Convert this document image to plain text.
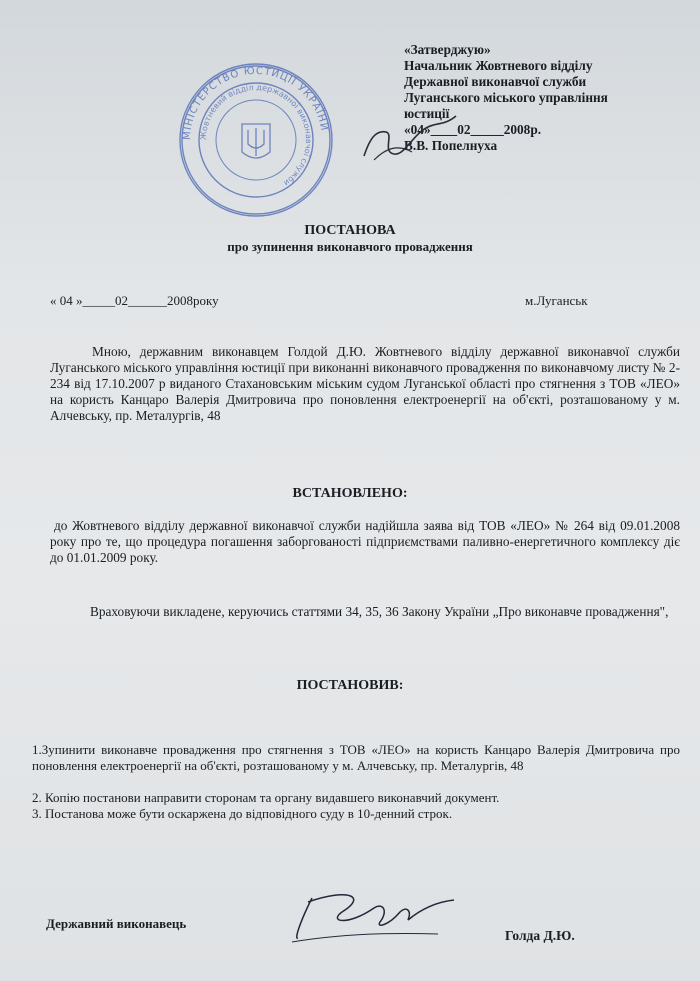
«Затверджую»
Начальник Жовтневого відділу
Державної виконавчої служби
Луганського міського управління
юстиції
«04»____02_____2008р.
В.В. Попелнуха
МІНІСТЕРСТВО ЮСТИЦІЇ УКРАЇНИ
Жовтневий відділ державної виконавчої служби
ПОСТАНОВА
про зупинення виконавчого провадження
« 04 »_____02______2008року	м.Луганськ
Мною, державним виконавцем Голдой Д.Ю. Жовтневого відділу державної виконавчої служби Луганського міського управління юстиції при виконанні виконавчого провадження по виконавчому листу № 2-234 від 17.10.2007 р виданого Стахановським міським судом Луганської області про стягнення з ТОВ «ЛЕО» на користь Канцаро Валерія Дмитровича про поновлення електроенергії на об'єкті, розташованому у м. Алчевську, пр. Металургів, 48
ВСТАНОВЛЕНО:
до Жовтневого відділу державної виконавчої служби надійшла заява від ТОВ «ЛЕО» № 264 від 09.01.2008 року про те, що процедура погашення заборгованості підприємствами паливно-енергетичного комплексу діє до 01.01.2009 року.
Враховуючи викладене, керуючись статтями 34, 35, 36 Закону України „Про виконавче провадження",
ПОСТАНОВИВ:
1.Зупинити виконавче провадження про стягнення з ТОВ «ЛЕО» на користь Канцаро Валерія Дмитровича про поновлення електроенергії на об'єкті, розташованому у м. Алчевську, пр. Металургів, 48
2. Копію постанови направити сторонам та органу видавшего виконавчий документ.
3. Постанова може бути оскаржена до відповідного суду в 10-денний строк.
Державний виконавець
Голда Д.Ю.
